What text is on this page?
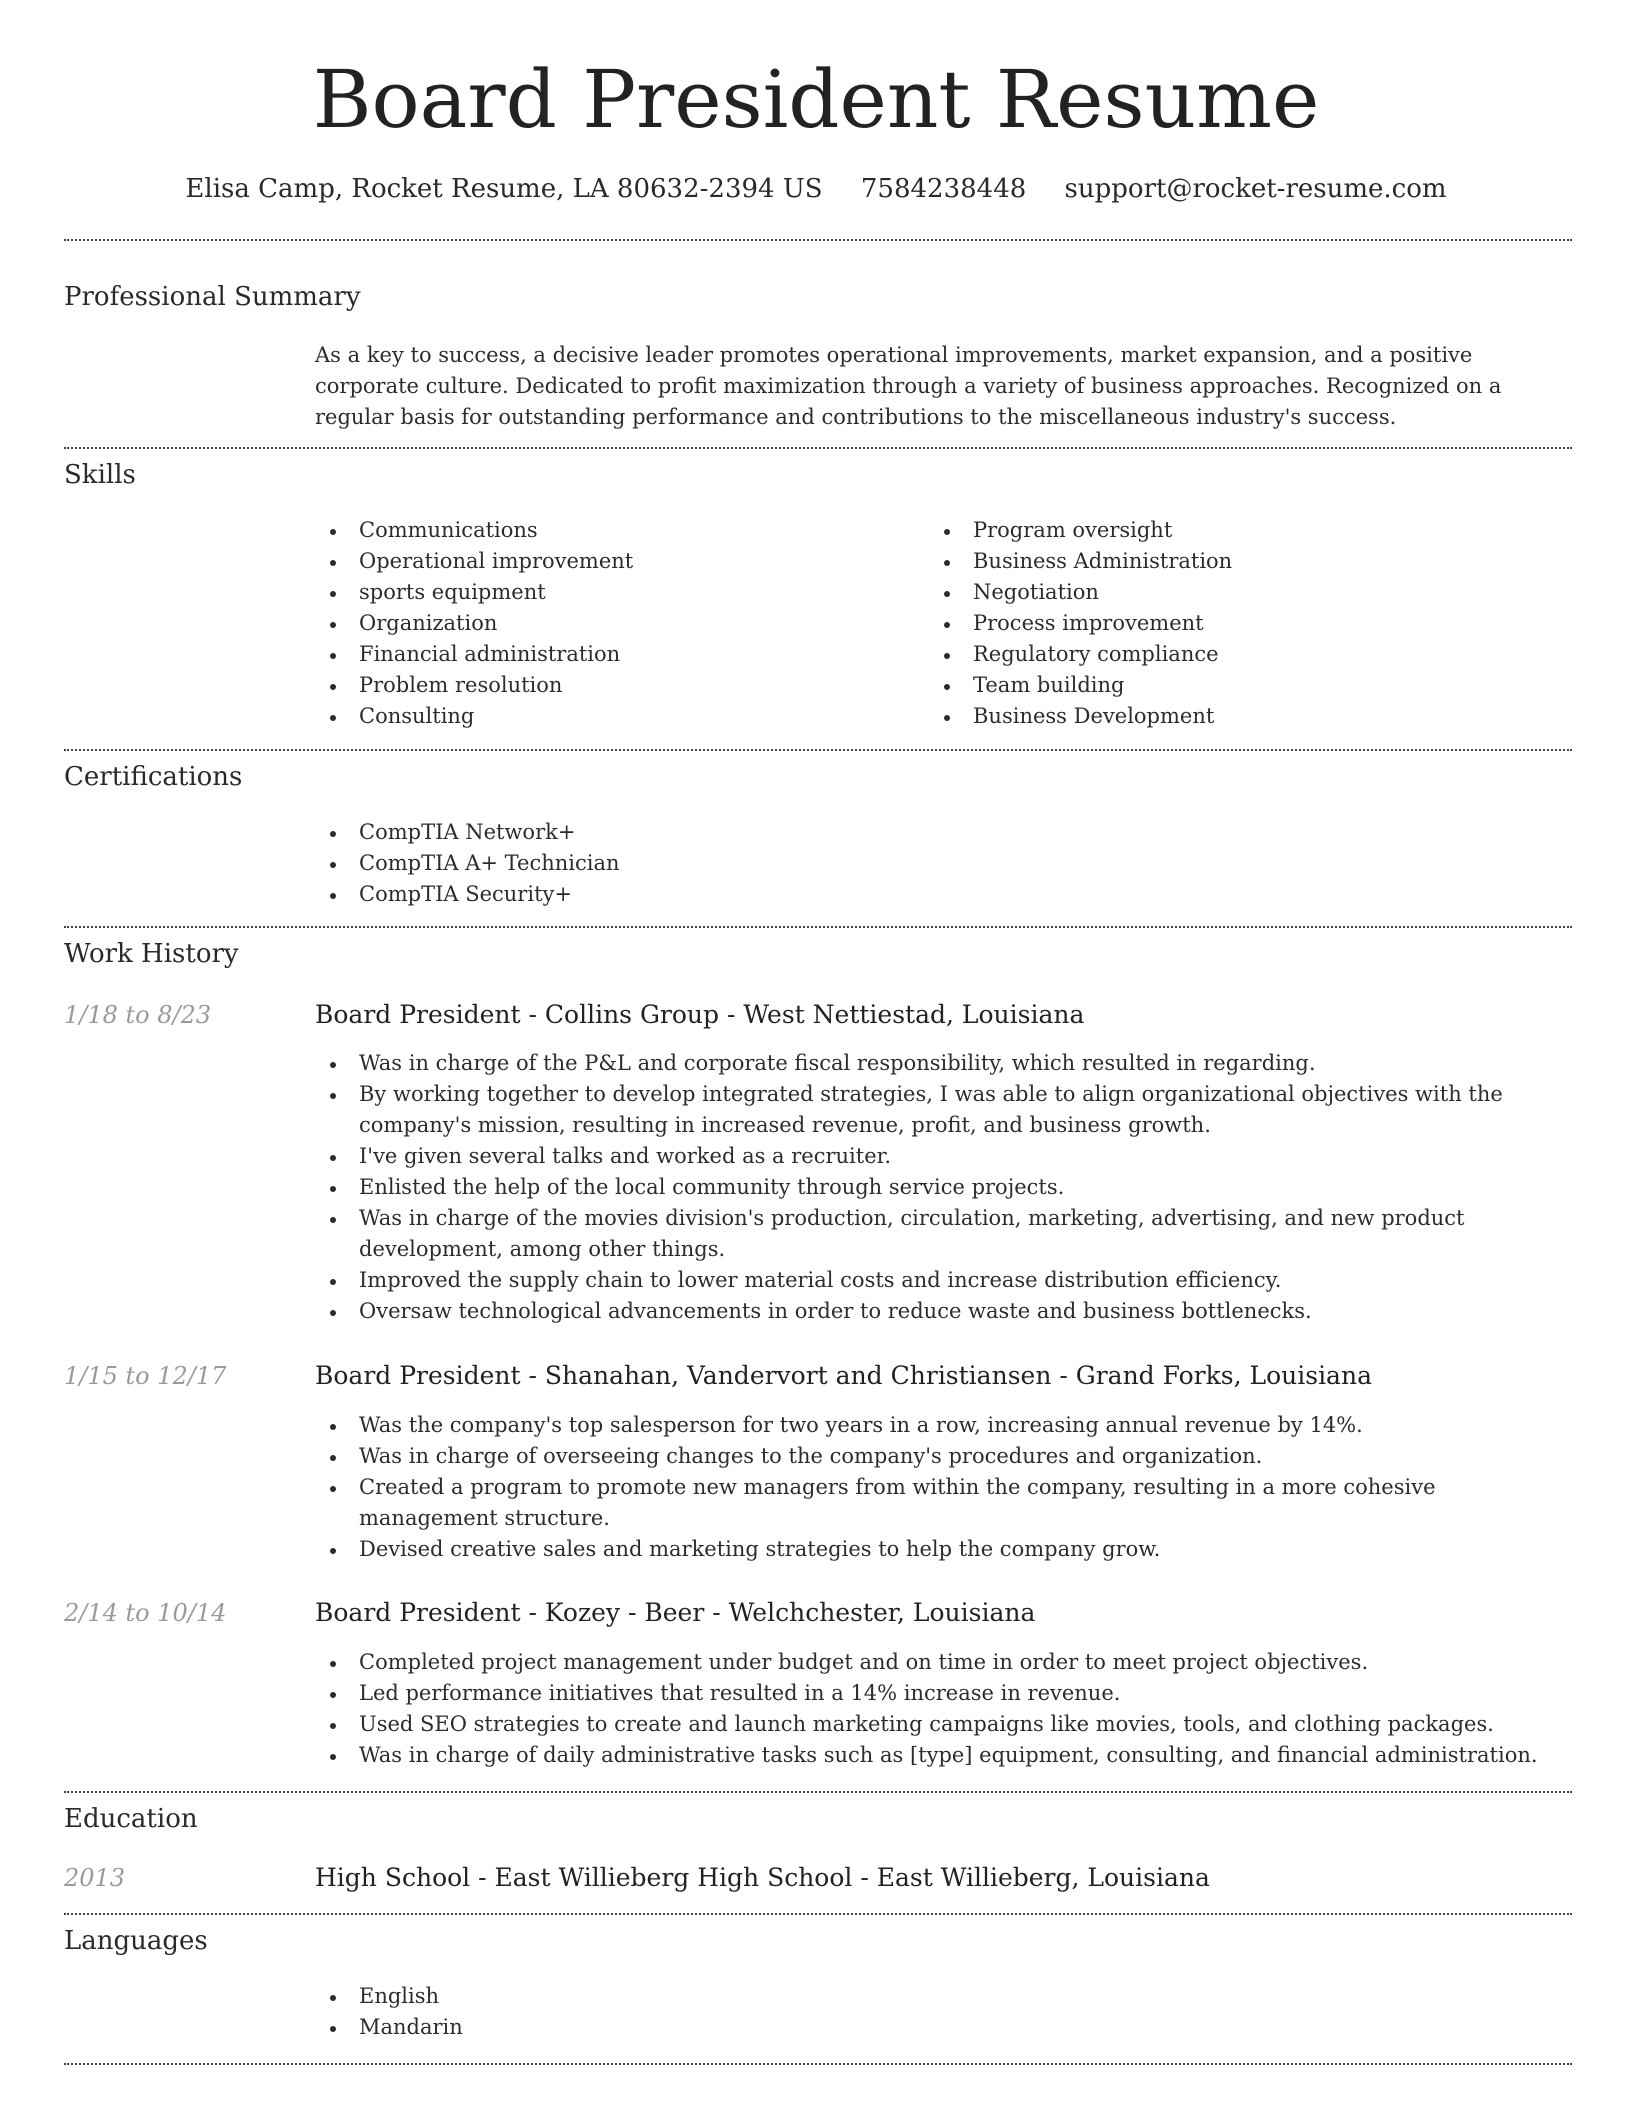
Board President Resume
Elisa Camp, Rocket Resume, LA 80632-2394 US 7584238448 support@rocket-resume.com
Professional Summary
As a key to success, a decisive leader promotes operational improvements, market expansion, and a positive corporate culture. Dedicated to profit maximization through a variety of business approaches. Recognized on a regular basis for outstanding performance and contributions to the miscellaneous industry's success.
Skills
Communications
Operational improvement
sports equipment
Organization
Financial administration
Problem resolution
Consulting
Program oversight
Business Administration
Negotiation
Process improvement
Regulatory compliance
Team building
Business Development
Certifications
CompTIA Network+
CompTIA A+ Technician
CompTIA Security+
Work History
1/18 to 8/23	Board President - Collins Group - West Nettiestad, Louisiana
Was in charge of the P&L and corporate fiscal responsibility, which resulted in regarding.
By working together to develop integrated strategies, I was able to align organizational objectives with the company's mission, resulting in increased revenue, profit, and business growth.
I've given several talks and worked as a recruiter.
Enlisted the help of the local community through service projects.
Was in charge of the movies division's production, circulation, marketing, advertising, and new product development, among other things.
Improved the supply chain to lower material costs and increase distribution efficiency.
Oversaw technological advancements in order to reduce waste and business bottlenecks.
1/15 to 12/17	Board President - Shanahan, Vandervort and Christiansen - Grand Forks, Louisiana
Was the company's top salesperson for two years in a row, increasing annual revenue by 14%.
Was in charge of overseeing changes to the company's procedures and organization.
Created a program to promote new managers from within the company, resulting in a more cohesive management structure.
Devised creative sales and marketing strategies to help the company grow.
2/14 to 10/14	Board President - Kozey - Beer - Welchchester, Louisiana
Completed project management under budget and on time in order to meet project objectives.
Led performance initiatives that resulted in a 14% increase in revenue.
Used SEO strategies to create and launch marketing campaigns like movies, tools, and clothing packages.
Was in charge of daily administrative tasks such as [type] equipment, consulting, and financial administration.
Education
2013	High School - East Willieberg High School - East Willieberg, Louisiana
Languages
English
Mandarin
